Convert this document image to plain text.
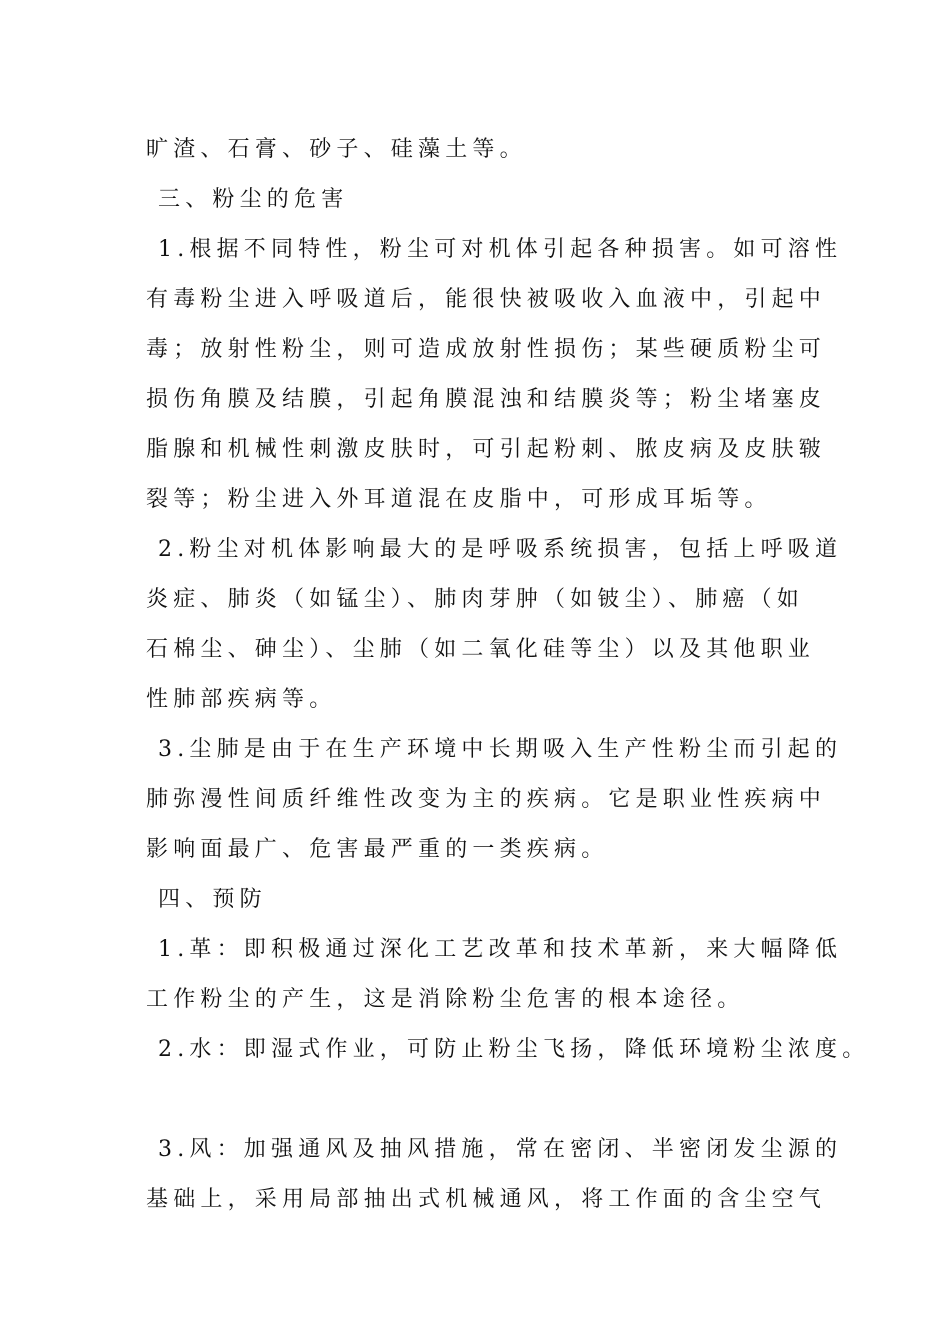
旷渣、石膏、砂子、硅藻土等。

三、粉尘的危害

1.根据不同特性，粉尘可对机体引起各种损害。如可溶性

有毒粉尘进入呼吸道后，能很快被吸收入血液中，引起中

毒；放射性粉尘，则可造成放射性损伤；某些硬质粉尘可

损伤角膜及结膜，引起角膜混浊和结膜炎等；粉尘堵塞皮

脂腺和机械性刺激皮肤时，可引起粉刺、脓皮病及皮肤皲

裂等；粉尘进入外耳道混在皮脂中，可形成耳垢等。

2.粉尘对机体影响最大的是呼吸系统损害，包括上呼吸道

炎症、肺炎（如锰尘）、肺肉芽肿（如铍尘）、肺癌（如

石棉尘、砷尘）、尘肺（如二氧化硅等尘）以及其他职业

性肺部疾病等。

3.尘肺是由于在生产环境中长期吸入生产性粉尘而引起的

肺弥漫性间质纤维性改变为主的疾病。它是职业性疾病中

影响面最广、危害最严重的一类疾病。

四、预防

1.革：即积极通过深化工艺改革和技术革新，来大幅降低

工作粉尘的产生，这是消除粉尘危害的根本途径。

2.水：即湿式作业，可防止粉尘飞扬，降低环境粉尘浓度。

3.风：加强通风及抽风措施，常在密闭、半密闭发尘源的

基础上，采用局部抽出式机械通风，将工作面的含尘空气
